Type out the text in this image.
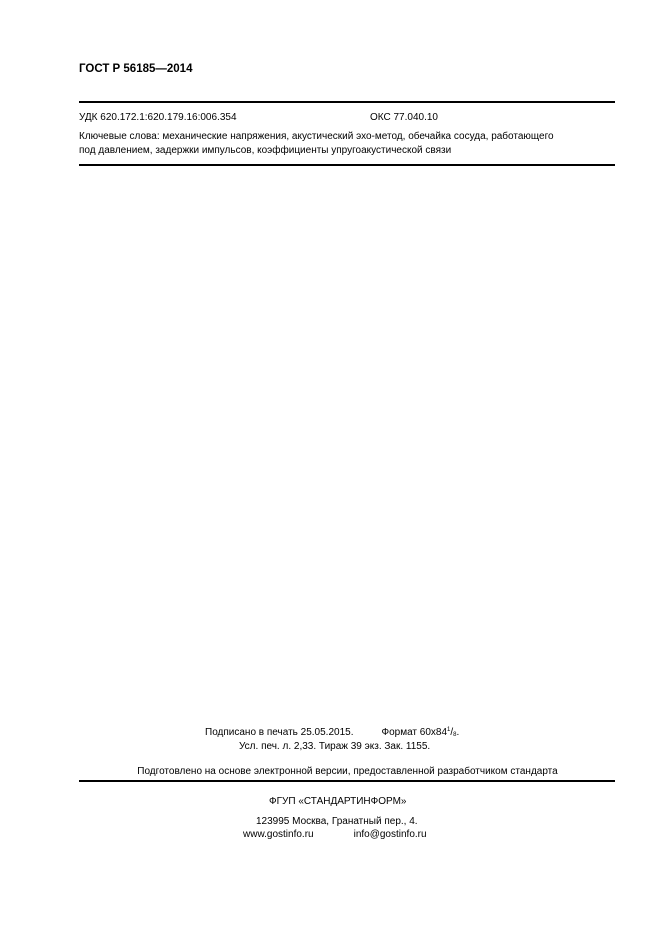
ГОСТ Р 56185—2014
УДК 620.172.1:620.179.16:006.354	ОКС 77.040.10
Ключевые слова: механические напряжения, акустический эхо-метод, обечайка сосуда, работающего
под давлением, задержки импульсов, коэффициенты упругоакустической связи
Подписано в печать 25.05.2015.	Формат $60х84^1/_8$.
Усл. печ. л. 2,33. Тираж 39 экз. Зак. 1155.
Подготовлено на основе электронной версии, предоставленной разработчиком стандарта
ФГУП «СТАНДАРТИНФОРМ»
123995 Москва, Гранатный пер., 4.
www.gostinfo.ru	info@gostinfo.ru
